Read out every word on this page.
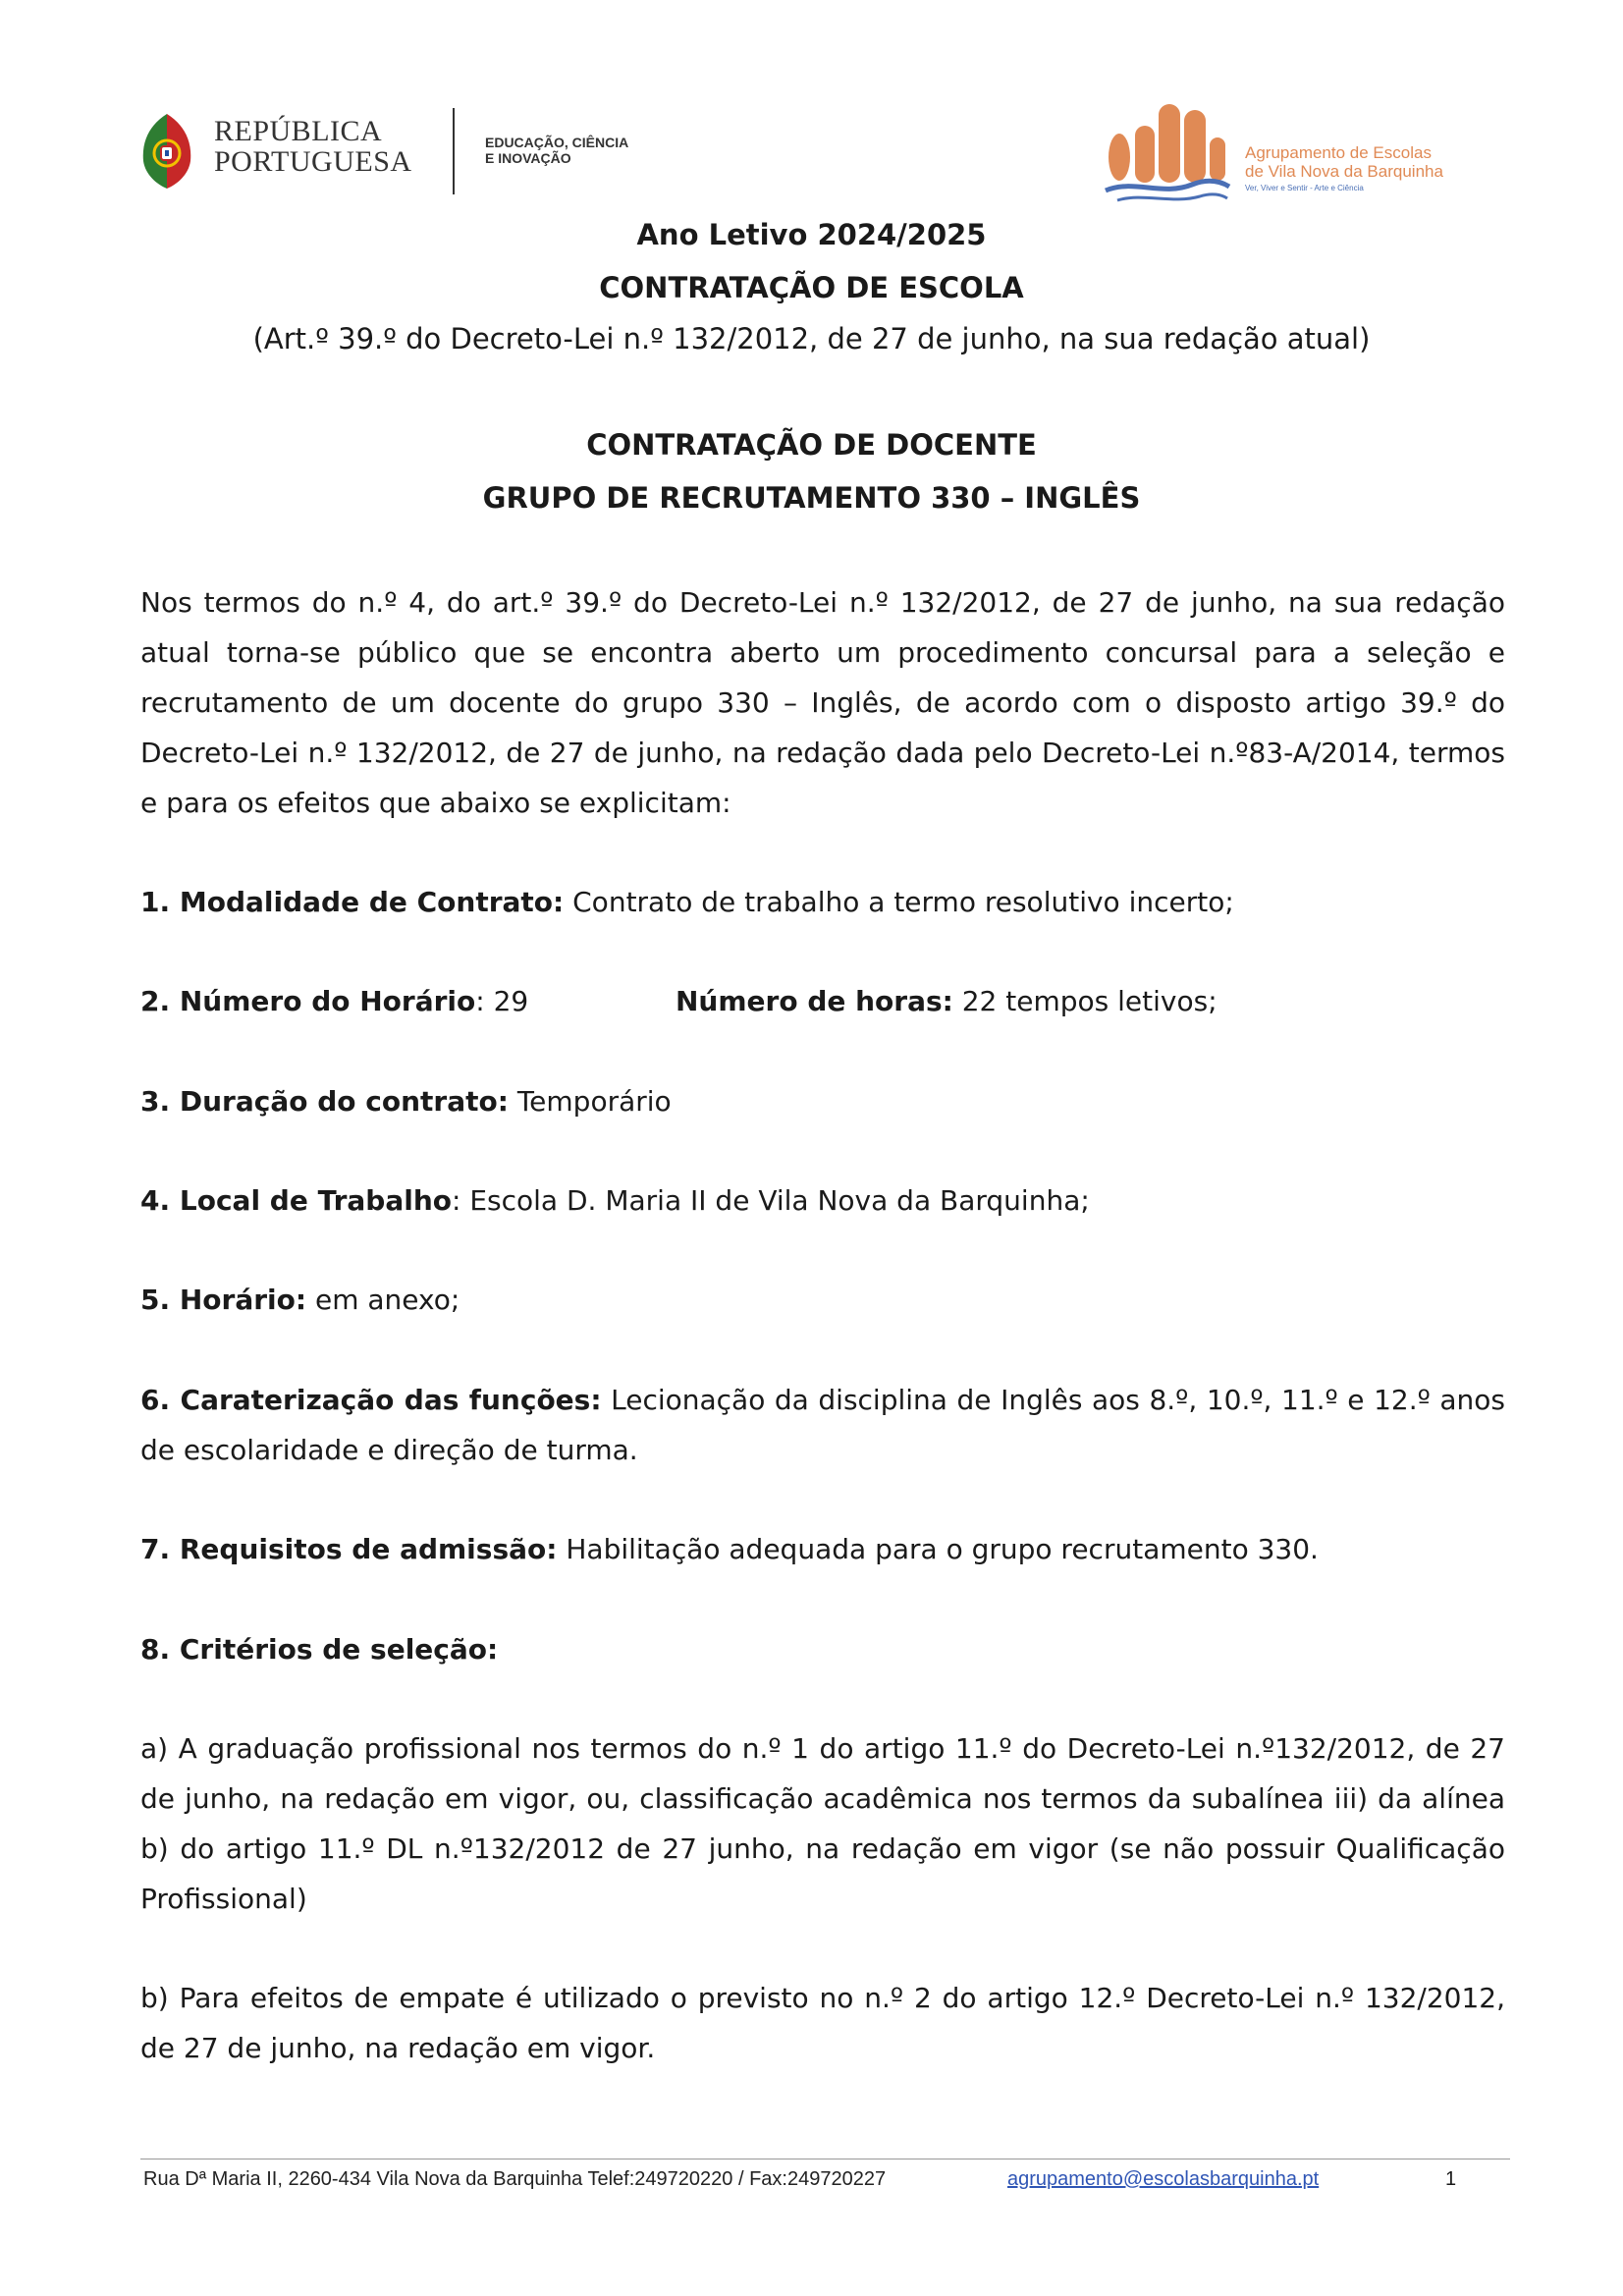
REPÚBLICA
PORTUGUESA
EDUCAÇÃO, CIÊNCIA
E INOVAÇÃO	Agrupamento de Escolas
de Vila Nova da Barquinha
Ver, Viver e Sentir - Arte e Ciência
Ano Letivo 2024/2025
CONTRATAÇÃO DE ESCOLA
(Art.º 39.º do Decreto-Lei n.º 132/2012, de 27 de junho, na sua redação atual)
CONTRATAÇÃO DE DOCENTE
GRUPO DE RECRUTAMENTO 330 – INGLÊS
Nos termos do n.º 4, do art.º 39.º do Decreto-Lei n.º 132/2012, de 27 de junho, na sua redação atual torna-se público que se encontra aberto um procedimento concursal para a seleção e recrutamento de um docente do grupo 330 – Inglês, de acordo com o disposto artigo 39.º do Decreto-Lei n.º 132/2012, de 27 de junho, na redação dada pelo Decreto-Lei n.º83-A/2014, termos e para os efeitos que abaixo se explicitam:
1. Modalidade de Contrato: Contrato de trabalho a termo resolutivo incerto;
2. Número do Horário: 29	Número de horas: 22 tempos letivos;
3. Duração do contrato: Temporário
4. Local de Trabalho: Escola D. Maria II de Vila Nova da Barquinha;
5. Horário: em anexo;
6. Caraterização das funções: Lecionação da disciplina de Inglês aos 8.º, 10.º, 11.º e 12.º anos de escolaridade e direção de turma.
7. Requisitos de admissão: Habilitação adequada para o grupo recrutamento 330.
8. Critérios de seleção:
a) A graduação profissional nos termos do n.º 1 do artigo 11.º do Decreto-Lei n.º132/2012, de 27 de junho, na redação em vigor, ou, classificação acadêmica nos termos da subalínea iii) da alínea b) do artigo 11.º DL n.º132/2012 de 27 junho, na redação em vigor (se não possuir Qualificação Profissional)
b) Para efeitos de empate é utilizado o previsto no n.º 2 do artigo 12.º Decreto-Lei n.º 132/2012, de 27 de junho, na redação em vigor.
Rua Dª Maria II, 2260-434 Vila Nova da Barquinha Telef:249720220 / Fax:249720227	agrupamento@escolasbarquinha.pt	1
